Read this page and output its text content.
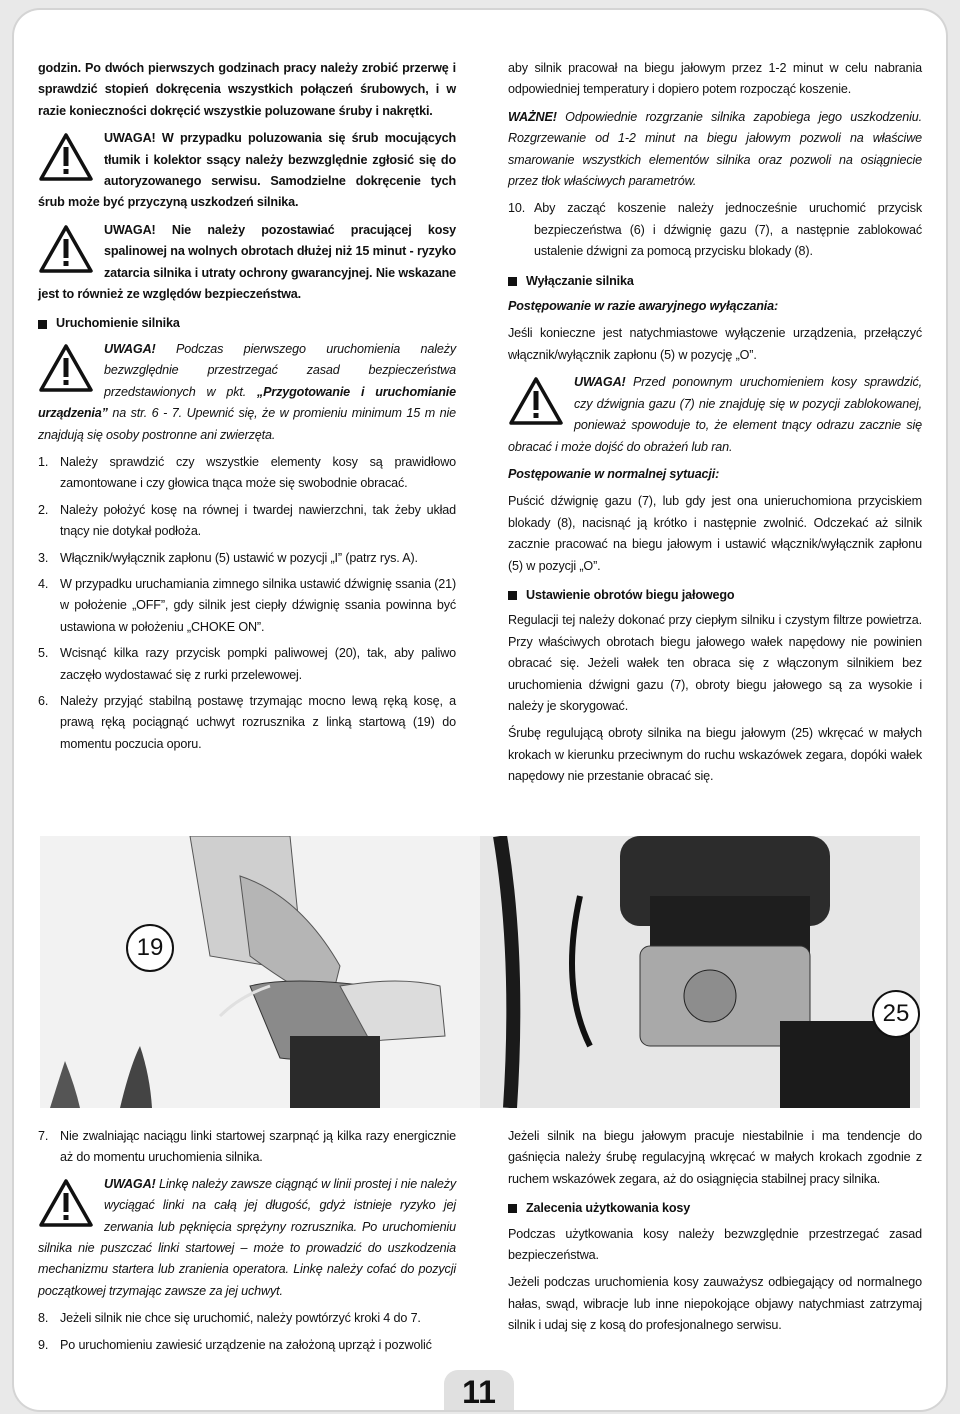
godzin. Po dwóch pierwszych godzinach pracy należy zrobić przerwę i sprawdzić stopień dokręcenia wszystkich połączeń śrubowych, i w razie konieczności dokręcić wszystkie poluzowane śruby i nakrętki.

UWAGA! W przypadku poluzowania się śrub mocujących tłumik i kolektor ssący należy bezwzględnie zgłosić się do autoryzowanego serwisu. Samodzielne dokręcenie tych śrub może być przyczyną uszkodzeń silnika.

UWAGA! Nie należy pozostawiać pracującej kosy spalinowej na wolnych obrotach dłużej niż 15 minut - ryzyko zatarcia silnika i utraty ochrony gwarancyjnej. Nie wskazane jest to również ze względów bezpieczeństwa.

Uruchomienie silnika

UWAGA! Podczas pierwszego uruchomienia należy bezwzględnie przestrzegać zasad bezpieczeństwa przedstawionych w pkt. „Przygotowanie i uruchomianie urządzenia” na str. 6 - 7. Upewnić się, że w promieniu minimum 15 m nie znajdują się osoby postronne ani zwierzęta.

1. Należy sprawdzić czy wszystkie elementy kosy są prawidłowo zamontowane i czy głowica tnąca może się swobodnie obracać.
2. Należy położyć kosę na równej i twardej nawierzchni, tak żeby układ tnący nie dotykał podłoża.
3. Włącznik/wyłącznik zapłonu (5) ustawić w pozycji „I” (patrz rys. A).
4. W przypadku uruchamiania zimnego silnika ustawić dźwignię ssania (21) w położenie „OFF”, gdy silnik jest ciepły dźwignię ssania powinna być ustawiona w położeniu „CHOKE ON”.
5. Wcisnąć kilka razy przycisk pompki paliwowej (20), tak, aby paliwo zaczęło wydostawać się z rurki przelewowej.
6. Należy przyjąć stabilną postawę trzymając mocno lewą ręką kosę, a prawą ręką pociągnąć uchwyt rozrusznika z linką startową (19) do momentu poczucia oporu.

aby silnik pracował na biegu jałowym przez 1-2 minut w celu nabrania odpowiedniej temperatury i dopiero potem rozpocząć koszenie.

WAŻNE! Odpowiednie rozgrzanie silnika zapobiega jego uszkodzeniu. Rozgrzewanie od 1-2 minut na biegu jałowym pozwoli na właściwe smarowanie wszystkich elementów silnika oraz pozwoli na osiągniecie przez tłok właściwych parametrów.

10. Aby zacząć koszenie należy jednocześnie uruchomić przycisk bezpieczeństwa (6) i dźwignię gazu (7), a następnie zablokować ustalenie dźwigni za pomocą przycisku blokady (8).
Wyłączanie silnika

Postępowanie w razie awaryjnego wyłączania:

Jeśli konieczne jest natychmiastowe wyłączenie urządzenia, przełączyć włącznik/wyłącznik zapłonu (5) w pozycję „O”.

UWAGA! Przed ponownym uruchomieniem kosy sprawdzić, czy dźwignia gazu (7) nie znajduję się w pozycji zablokowanej, ponieważ spowoduje to, że element tnący odrazu zacznie się obracać i może dojść do obrażeń lub ran.

Postępowanie w normalnej sytuacji:

Puścić dźwignię gazu (7), lub gdy jest ona unieruchomiona przyciskiem blokady (8), nacisnąć ją krótko i następnie zwolnić. Odczekać aż silnik zacznie pracować na biegu jałowym i ustawić włącznik/wyłącznik zapłonu (5) w pozycji „O”.

Ustawienie obrotów biegu jałowego

Regulacji tej należy dokonać przy ciepłym silniku i czystym filtrze powietrza. Przy właściwych obrotach biegu jałowego wałek napędowy nie powinien obracać się. Jeżeli wałek ten obraca się z włączonym silnikiem bez uruchomienia dźwigni gazu (7), obroty biegu jałowego są za wysokie i należy je skorygować.

Śrubę regulującą obroty silnika na biegu jałowym (25) wkręcać w małych krokach w kierunku przeciwnym do ruchu wskazówek zegara, dopóki wałek napędowy nie przestanie obracać się.

19
25
7. Nie zwalniając naciągu linki startowej szarpnąć ją kilka razy energicznie aż do momentu uruchomienia silnika.

UWAGA! Linkę należy zawsze ciągnąć w linii prostej i nie należy wyciągać linki na całą jej długość, gdyż istnieje ryzyko jej zerwania lub pęknięcia sprężyny rozrusznika. Po uruchomieniu silnika nie puszczać linki startowej – może to prowadzić do uszkodzenia mechanizmu startera lub zranienia operatora. Linkę należy cofać do pozycji początkowej trzymając zawsze za jej uchwyt.

8. Jeżeli silnik nie chce się uruchomić, należy powtórzyć kroki 4 do 7.
9. Po uruchomieniu zawiesić urządzenie na założoną uprząż i pozwolić

Jeżeli silnik na biegu jałowym pracuje niestabilnie i ma tendencje do gaśnięcia należy śrubę regulacyjną wkręcać w małych krokach zgodnie z ruchem wskazówek zegara, aż do osiągnięcia stabilnej pracy silnika.

Zalecenia użytkowania kosy

Podczas użytkowania kosy należy bezwzględnie przestrzegać zasad bezpieczeństwa.

Jeżeli podczas uruchomienia kosy zauważysz odbiegający od normalnego hałas, swąd, wibracje lub inne niepokojące objawy natychmiast zatrzymaj silnik i udaj się z kosą do profesjonalnego serwisu.

11
